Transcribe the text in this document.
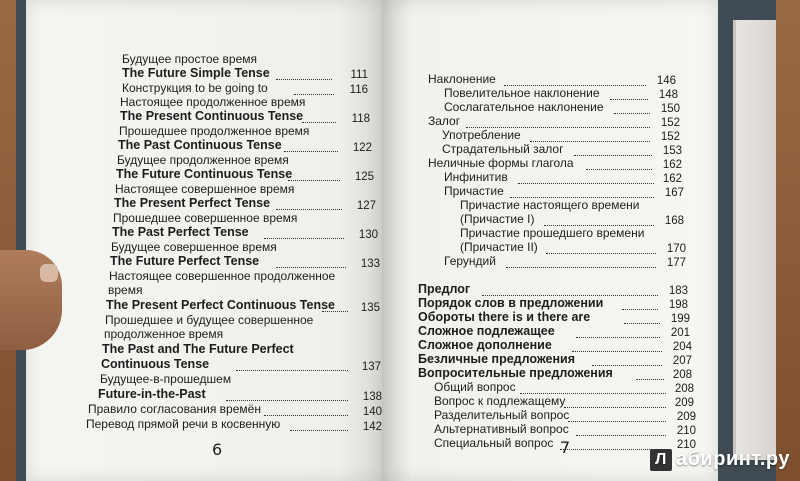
Будущее простое время
The Future Simple Tense	111
Конструкция to be going to	116
Настоящее продолженное время
The Present Continuous Tense	118
Прошедшее продолженное время
The Past Continuous Tense	122
Будущее продолженное время
The Future Continuous Tense	125
Настоящее совершенное время
The Present Perfect Tense	127
Прошедшее совершенное время
The Past Perfect Tense	130
Будущее совершенное время
The Future Perfect Tense	133
Настоящее совершенное продолженное
время
The Present Perfect Continuous Tense	135
Прошедшее и будущее совершенное
продолженное время
The Past and The Future Perfect
Continuous Tense	137
Будущее-в-прошедшем
Future-in-the-Past	138
Правило согласования времён	140
Перевод прямой речи в косвенную	142
6
Наклонение	146
Повелительное наклонение	148
Сослагательное наклонение	150
Залог	152
Употребление	152
Страдательный залог	153
Неличные формы глагола	162
Инфинитив	162
Причастие	167
Причастие настоящего времени
(Причастие I)	168
Причастие прошедшего времени
(Причастие II)	170
Герундий	177
Предлог	183
Порядок слов в предложении	198
Обороты there is и there are	199
Сложное подлежащее	201
Сложное дополнение	204
Безличные предложения	207
Вопросительные предложения	208
Общий вопрос	208
Вопрос к подлежащему	209
Разделительный вопрос	209
Альтернативный вопрос	210
Специальный вопрос	210
7
Л абиринт.ру
